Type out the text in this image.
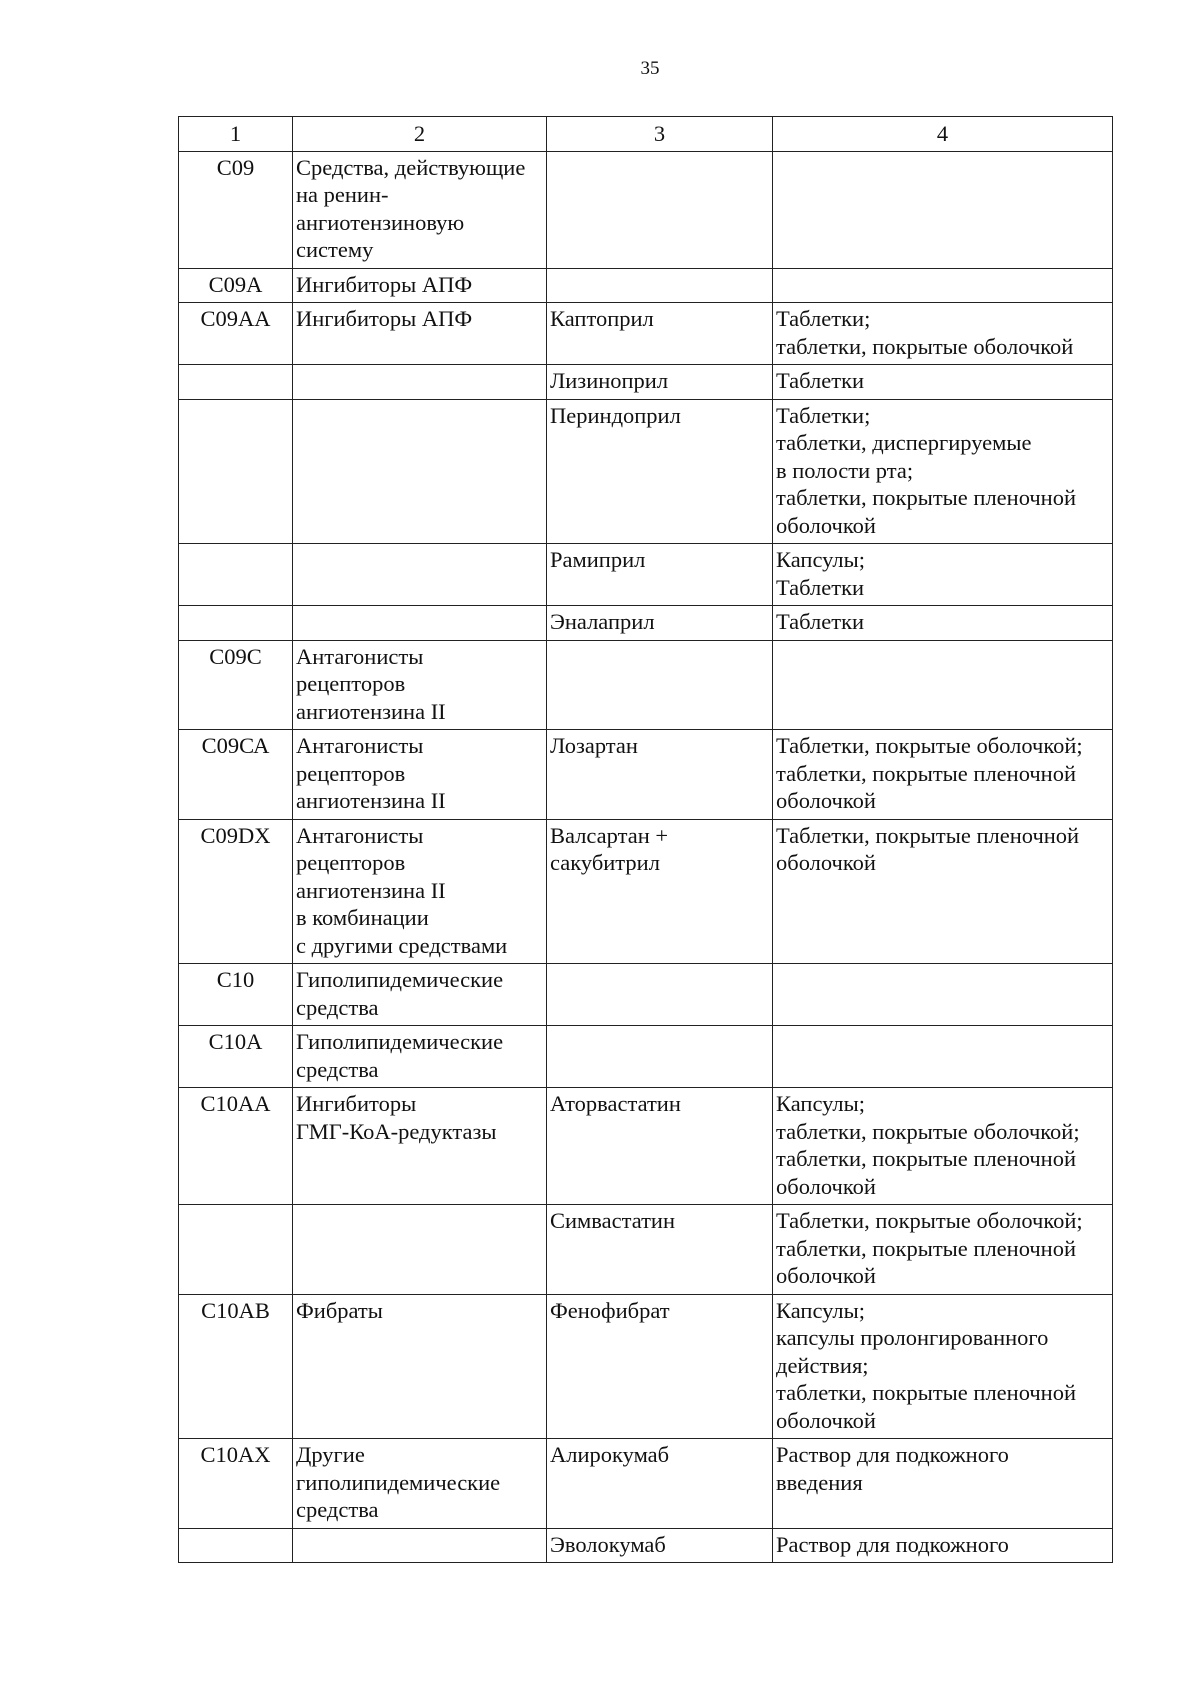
35
1	2	3	4
С09	Средства, действующие
на ренин-
ангиотензиновую
систему		

С09А	Ингибиторы АПФ		

С09АА	Ингибиторы АПФ	Каптоприл	Таблетки;
таблетки, покрытые оболочкой

		Лизиноприл	Таблетки

		Периндоприл	Таблетки;
таблетки, диспергируемые
в полости рта;
таблетки, покрытые пленочной
оболочкой

		Рамиприл	Капсулы;
Таблетки

		Эналаприл	Таблетки

С09С	Антагонисты
рецепторов
ангиотензина II		

С09СА	Антагонисты
рецепторов
ангиотензина II	Лозартан	Таблетки, покрытые оболочкой;
таблетки, покрытые пленочной
оболочкой

С09DX	Антагонисты
рецепторов
ангиотензина II
в комбинации
с другими средствами	Валсартан +
сакубитрил	Таблетки, покрытые пленочной
оболочкой

С10	Гиполипидемические
средства		

С10А	Гиполипидемические
средства		

С10АА	Ингибиторы
ГМГ-КоА-редуктазы	Аторвастатин	Капсулы;
таблетки, покрытые оболочкой;
таблетки, покрытые пленочной
оболочкой

		Симвастатин	Таблетки, покрытые оболочкой;
таблетки, покрытые пленочной
оболочкой

С10АВ	Фибраты	Фенофибрат	Капсулы;
капсулы пролонгированного
действия;
таблетки, покрытые пленочной
оболочкой

С10АХ	Другие
гиполипидемические
средства	Алирокумаб	Раствор для подкожного
введения

		Эволокумаб	Раствор для подкожного
